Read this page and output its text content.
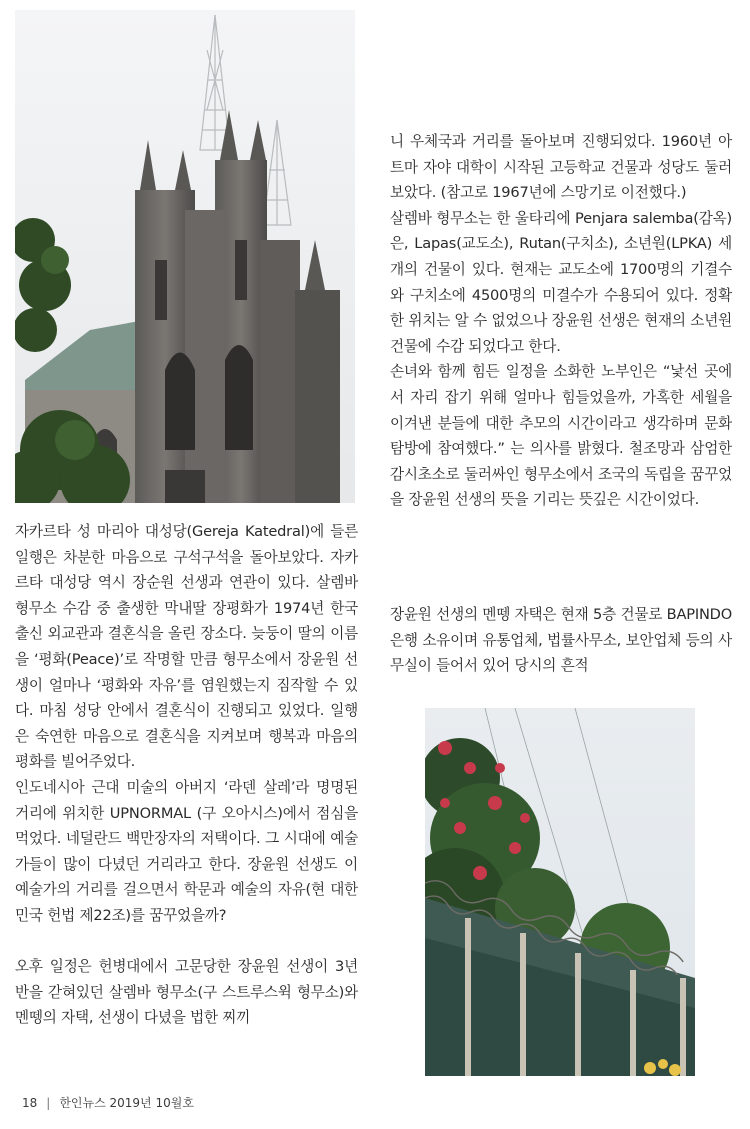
니 우체국과 거리를 돌아보며 진행되었다. 1960년 아트마 자야 대학이 시작된 고등학교 건물과 성당도 둘러보았다. (참고로 1967년에 스망기로 이전했다.)

살렘바 형무소는 한 울타리에 Penjara salemba(감옥)은, Lapas(교도소), Rutan(구치소), 소년원(LPKA) 세 개의 건물이 있다. 현재는 교도소에 1700명의 기결수와 구치소에 4500명의 미결수가 수용되어 있다. 정확한 위치는 알 수 없었으나 장윤원 선생은 현재의 소년원 건물에 수감 되었다고 한다.

손녀와 함께 힘든 일정을 소화한 노부인은 “낯선 곳에서 자리 잡기 위해 얼마나 힘들었을까, 가혹한 세월을 이겨낸 분들에 대한 추모의 시간이라고 생각하며 문화탐방에 참여했다.” 는 의사를 밝혔다. 철조망과 삼엄한 감시초소로 둘러싸인 형무소에서 조국의 독립을 꿈꾸었을 장윤원 선생의 뜻을 기리는 뜻깊은 시간이었다.

장윤원 선생의 멘뗑 자택은 현재 5층 건물로 BAPINDO 은행 소유이며 유통업체, 법률사무소, 보안업체 등의 사무실이 들어서 있어 당시의 흔적

자카르타 성 마리아 대성당(Gereja Katedral)에 들른 일행은 차분한 마음으로 구석구석을 돌아보았다. 자카르타 대성당 역시 장순원 선생과 연관이 있다. 살렘바 형무소 수감 중 출생한 막내딸 장평화가 1974년 한국출신 외교관과 결혼식을 올린 장소다. 늦둥이 딸의 이름을 ‘평화(Peace)’로 작명할 만큼 형무소에서 장윤원 선생이 얼마나 ‘평화와 자유’를 염원했는지 짐작할 수 있다. 마침 성당 안에서 결혼식이 진행되고 있었다. 일행은 숙연한 마음으로 결혼식을 지켜보며 행복과 마음의 평화를 빌어주었다.

인도네시아 근대 미술의 아버지 ‘라덴 살레’라 명명된 거리에 위치한 UPNORMAL (구 오아시스)에서 점심을 먹었다. 네덜란드 백만장자의 저택이다. 그 시대에 예술가들이 많이 다녔던 거리라고 한다. 장윤원 선생도 이 예술가의 거리를 걸으면서 학문과 예술의 자유(현 대한민국 헌법 제22조)를 꿈꾸었을까?

오후 일정은 헌병대에서 고문당한 장윤원 선생이 3년 반을 갇혀있던 살렘바 형무소(구 스트루스윅 형무소)와 멘뗑의 자택, 선생이 다녔을 법한 찌끼

18 | 한인뉴스 2019년 10월호
